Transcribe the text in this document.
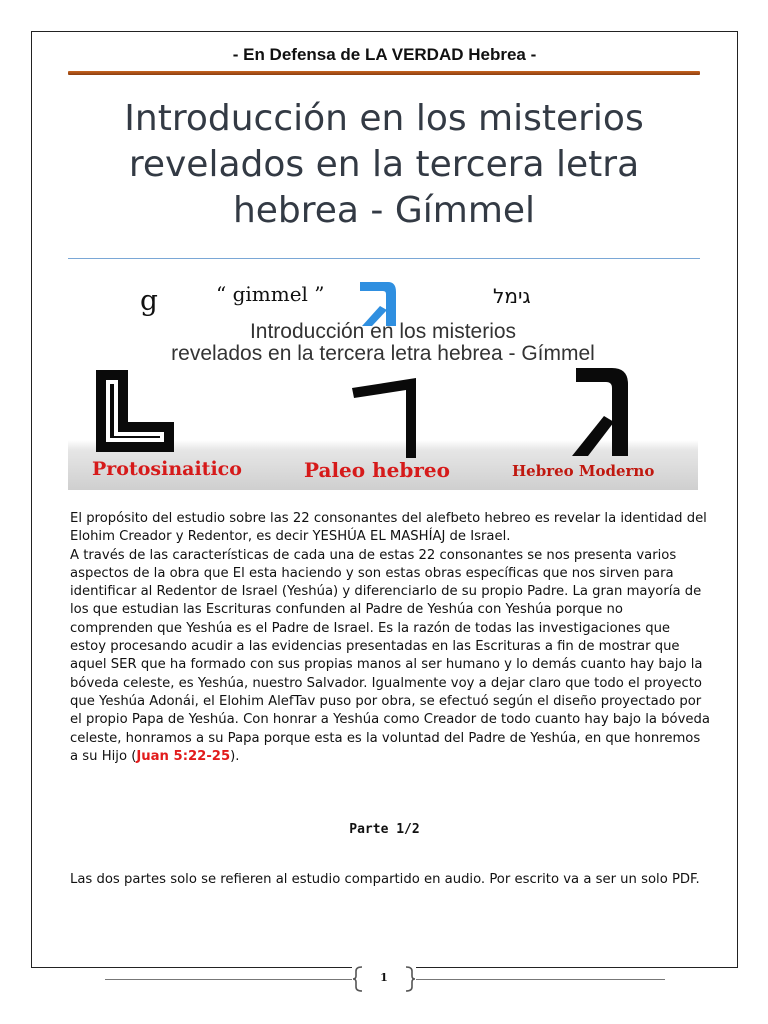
- En Defensa de LA VERDAD Hebrea -
Introducción en los misterios revelados en la tercera letra hebrea - Gímmel
g	“ gimmel ”	גימל
Introducción en los misterios
revelados en la tercera letra hebrea - Gímmel
Protosinaitico	Paleo hebreo	Hebreo Moderno

El propósito del estudio sobre las 22 consonantes del alefbeto hebreo es revelar la identidad del Elohim Creador y Redentor, es decir YESHÚA EL MASHÍAJ de Israel.

A través de las características de cada una de estas 22 consonantes se nos presenta varios aspectos de la obra que El esta haciendo y son estas obras específicas que nos sirven para identificar al Redentor de Israel (Yeshúa) y diferenciarlo de su propio Padre. La gran mayoría de los que estudian las Escrituras confunden al Padre de Yeshúa con Yeshúa porque no comprenden que Yeshúa es el Padre de Israel. Es la razón de todas las investigaciones que estoy procesando acudir a las evidencias presentadas en las Escrituras a fin de mostrar que aquel SER que ha formado con sus propias manos al ser humano y lo demás cuanto hay bajo la bóveda celeste, es Yeshúa, nuestro Salvador. Igualmente voy a dejar claro que todo el proyecto que Yeshúa Adonái, el Elohim AlefTav puso por obra, se efectuó según el diseño proyectado por el propio Papa de Yeshúa. Con honrar a Yeshúa como Creador de todo cuanto hay bajo la bóveda celeste, honramos a su Papa porque esta es la voluntad del Padre de Yeshúa, en que honremos a su Hijo (Juan 5:22-25).

Parte 1/2
Las dos partes solo se refieren al estudio compartido en audio. Por escrito va a ser un solo PDF.
1
